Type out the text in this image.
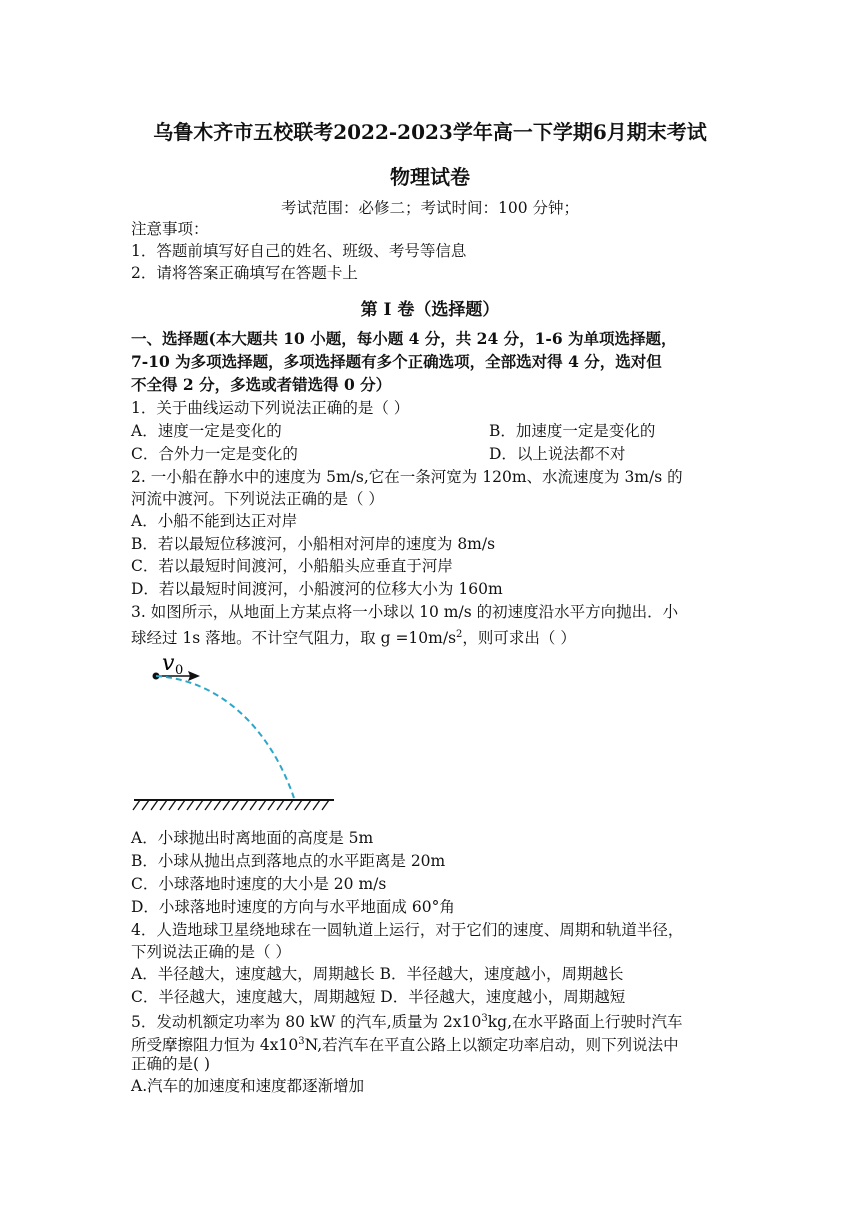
乌鲁木齐市五校联考2022-2023学年高一下学期6月期末考试
物理试卷
考试范围：必修二；考试时间：100 分钟；
注意事项：
1．答题前填写好自己的姓名、班级、考号等信息
2．请将答案正确填写在答题卡上
第 I 卷（选择题）
一、选择题(本大题共 10 小题，每小题 4 分，共 24 分，1-6 为单项选择题，
7-10 为多项选择题，多项选择题有多个正确选项，全部选对得 4 分，选对但
不全得 2 分，多选或者错选得 0 分）
1．关于曲线运动下列说法正确的是（ ）
A．速度一定是变化的	B．加速度一定是变化的
C．合外力一定是变化的	D．以上说法都不对
2. 一小船在静水中的速度为 5m/s,它在一条河宽为 120m、水流速度为 3m/s 的
河流中渡河。下列说法正确的是（ ）
A．小船不能到达正对岸
B．若以最短位移渡河，小船相对河岸的速度为 8m/s
C．若以最短时间渡河，小船船头应垂直于河岸
D．若以最短时间渡河，小船渡河的位移大小为 160m
3. 如图所示，从地面上方某点将一小球以 10 m/s 的初速度沿水平方向抛出．小
球经过 1s 落地。不计空气阻力，取 $g =10m/s^2$，则可求出（ ）
v 0
A．小球抛出时离地面的高度是 5m
B．小球从抛出点到落地点的水平距离是 20m
C．小球落地时速度的大小是 20 m/s
D．小球落地时速度的方向与水平地面成 60°角
4．人造地球卫星绕地球在一圆轨道上运行，对于它们的速度、周期和轨道半径，
下列说法正确的是（ ）
A．半径越大，速度越大，周期越长 B．半径越大，速度越小，周期越长
C．半径越大，速度越大，周期越短 D．半径越大，速度越小，周期越短
5．发动机额定功率为 80 kW 的汽车,质量为 $2x10^3kg$,在水平路面上行驶时汽车
所受摩擦阻力恒为 $4x10^3N$,若汽车在平直公路上以额定功率启动，则下列说法中
正确的是( )
A.汽车的加速度和速度都逐渐增加
